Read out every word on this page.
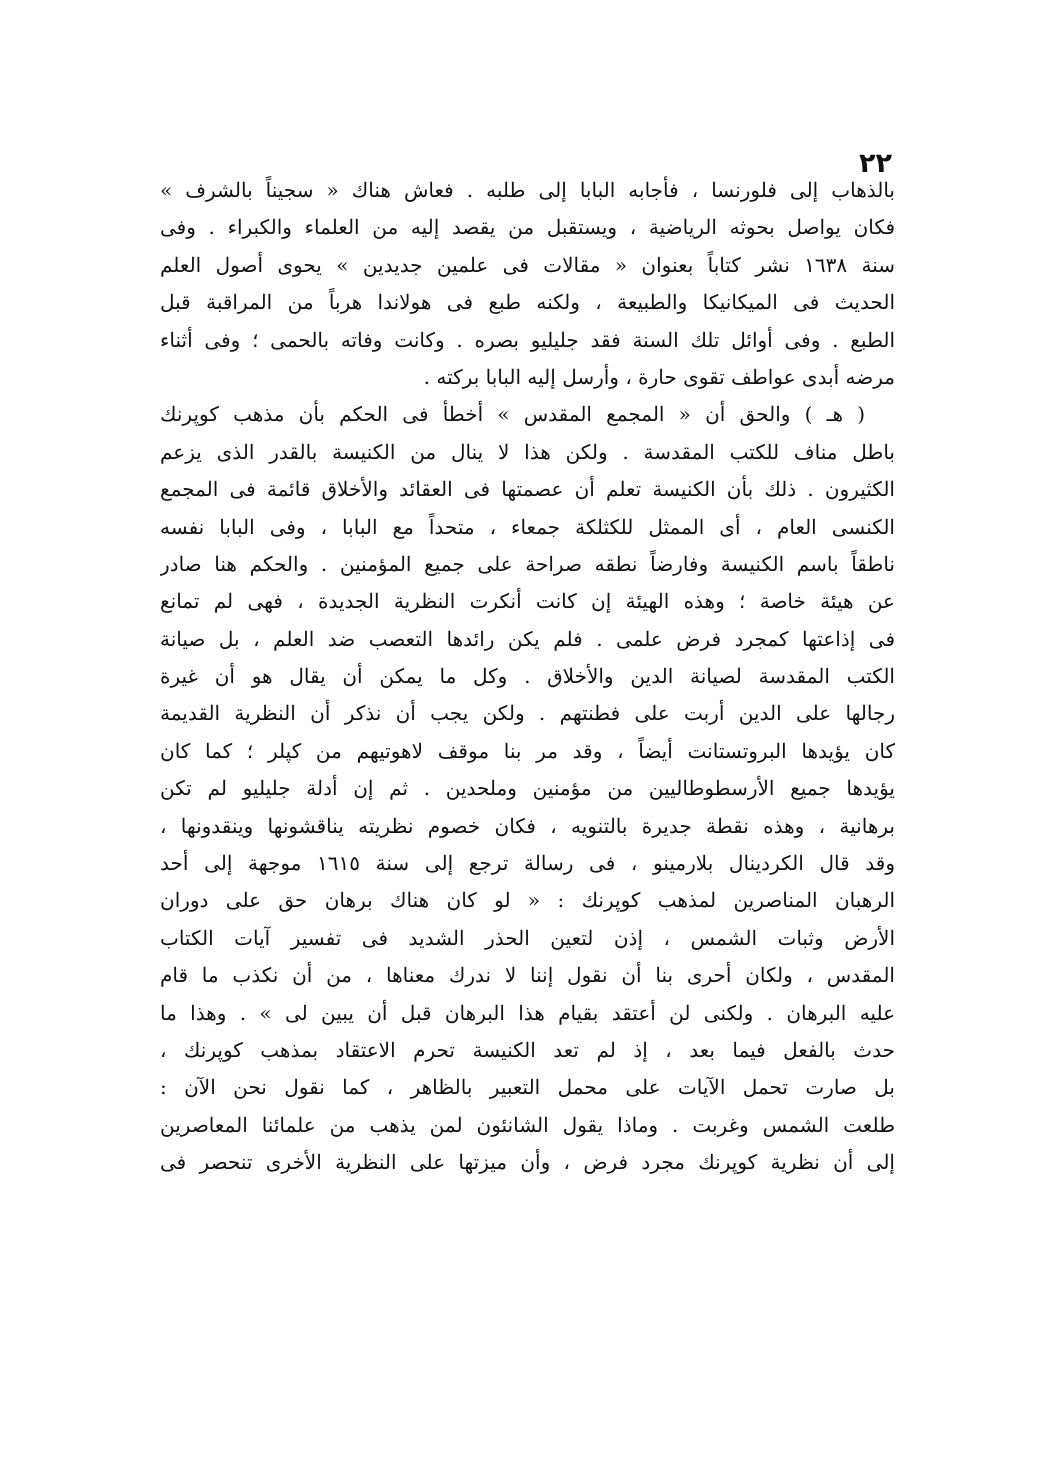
٢٢
بالذهاب إلى فلورنسا ، فأجابه البابا إلى طلبه . فعاش هناك « سجيناً بالشرف »
فكان يواصل بحوثه الرياضية ، ويستقبل من يقصد إليه من العلماء والكبراء . وفى
سنة ١٦٣٨ نشر كتاباً بعنوان « مقالات فى علمين جديدين » يحوى أصول العلم
الحديث فى الميكانيكا والطبيعة ، ولكنه طبع فى هولاندا هرباً من المراقبة قبل
الطبع . وفى أوائل تلك السنة فقد جليليو بصره . وكانت وفاته بالحمى ؛ وفى أثناء
مرضه أبدى عواطف تقوى حارة ، وأرسل إليه البابا بركته .
( هـ ) والحق أن « المجمع المقدس » أخطأ فى الحكم بأن مذهب كوپرنك
باطل مناف للكتب المقدسة . ولكن هذا لا ينال من الكنيسة بالقدر الذى يزعم
الكثيرون . ذلك بأن الكنيسة تعلم أن عصمتها فى العقائد والأخلاق قائمة فى المجمع
الكنسى العام ، أى الممثل للكثلكة جمعاء ، متحداً مع البابا ، وفى البابا نفسه
ناطقاً باسم الكنيسة وفارضاً نطقه صراحة على جميع المؤمنين . والحكم هنا صادر
عن هيئة خاصة ؛ وهذه الهيئة إن كانت أنكرت النظرية الجديدة ، فهى لم تمانع
فى إذاعتها كمجرد فرض علمى . فلم يكن رائدها التعصب ضد العلم ، بل صيانة
الكتب المقدسة لصيانة الدين والأخلاق . وكل ما يمكن أن يقال هو أن غيرة
رجالها على الدين أربت على فطنتهم . ولكن يجب أن نذكر أن النظرية القديمة
كان يؤيدها البروتستانت أيضاً ، وقد مر بنا موقف لاهوتيهم من كپلر ؛ كما كان
يؤيدها جميع الأرسطوطاليين من مؤمنين وملحدين . ثم إن أدلة جليليو لم تكن
برهانية ، وهذه نقطة جديرة بالتنويه ، فكان خصوم نظريته يناقشونها وينقدونها ،
وقد قال الكردينال بلارمينو ، فى رسالة ترجع إلى سنة ١٦١٥ موجهة إلى أحد
الرهبان المناصرين لمذهب كوپرنك : « لو كان هناك برهان حق على دوران
الأرض وثبات الشمس ، إذن لتعين الحذر الشديد فى تفسير آيات الكتاب
المقدس ، ولكان أحرى بنا أن نقول إننا لا ندرك معناها ، من أن نكذب ما قام
عليه البرهان . ولكنى لن أعتقد بقيام هذا البرهان قبل أن يبين لى » . وهذا ما
حدث بالفعل فيما بعد ، إذ لم تعد الكنيسة تحرم الاعتقاد بمذهب كوپرنك ،
بل صارت تحمل الآيات على محمل التعبير بالظاهر ، كما نقول نحن الآن :
طلعت الشمس وغربت . وماذا يقول الشانئون لمن يذهب من علمائنا المعاصرين
إلى أن نظرية كوپرنك مجرد فرض ، وأن ميزتها على النظرية الأخرى تنحصر فى
